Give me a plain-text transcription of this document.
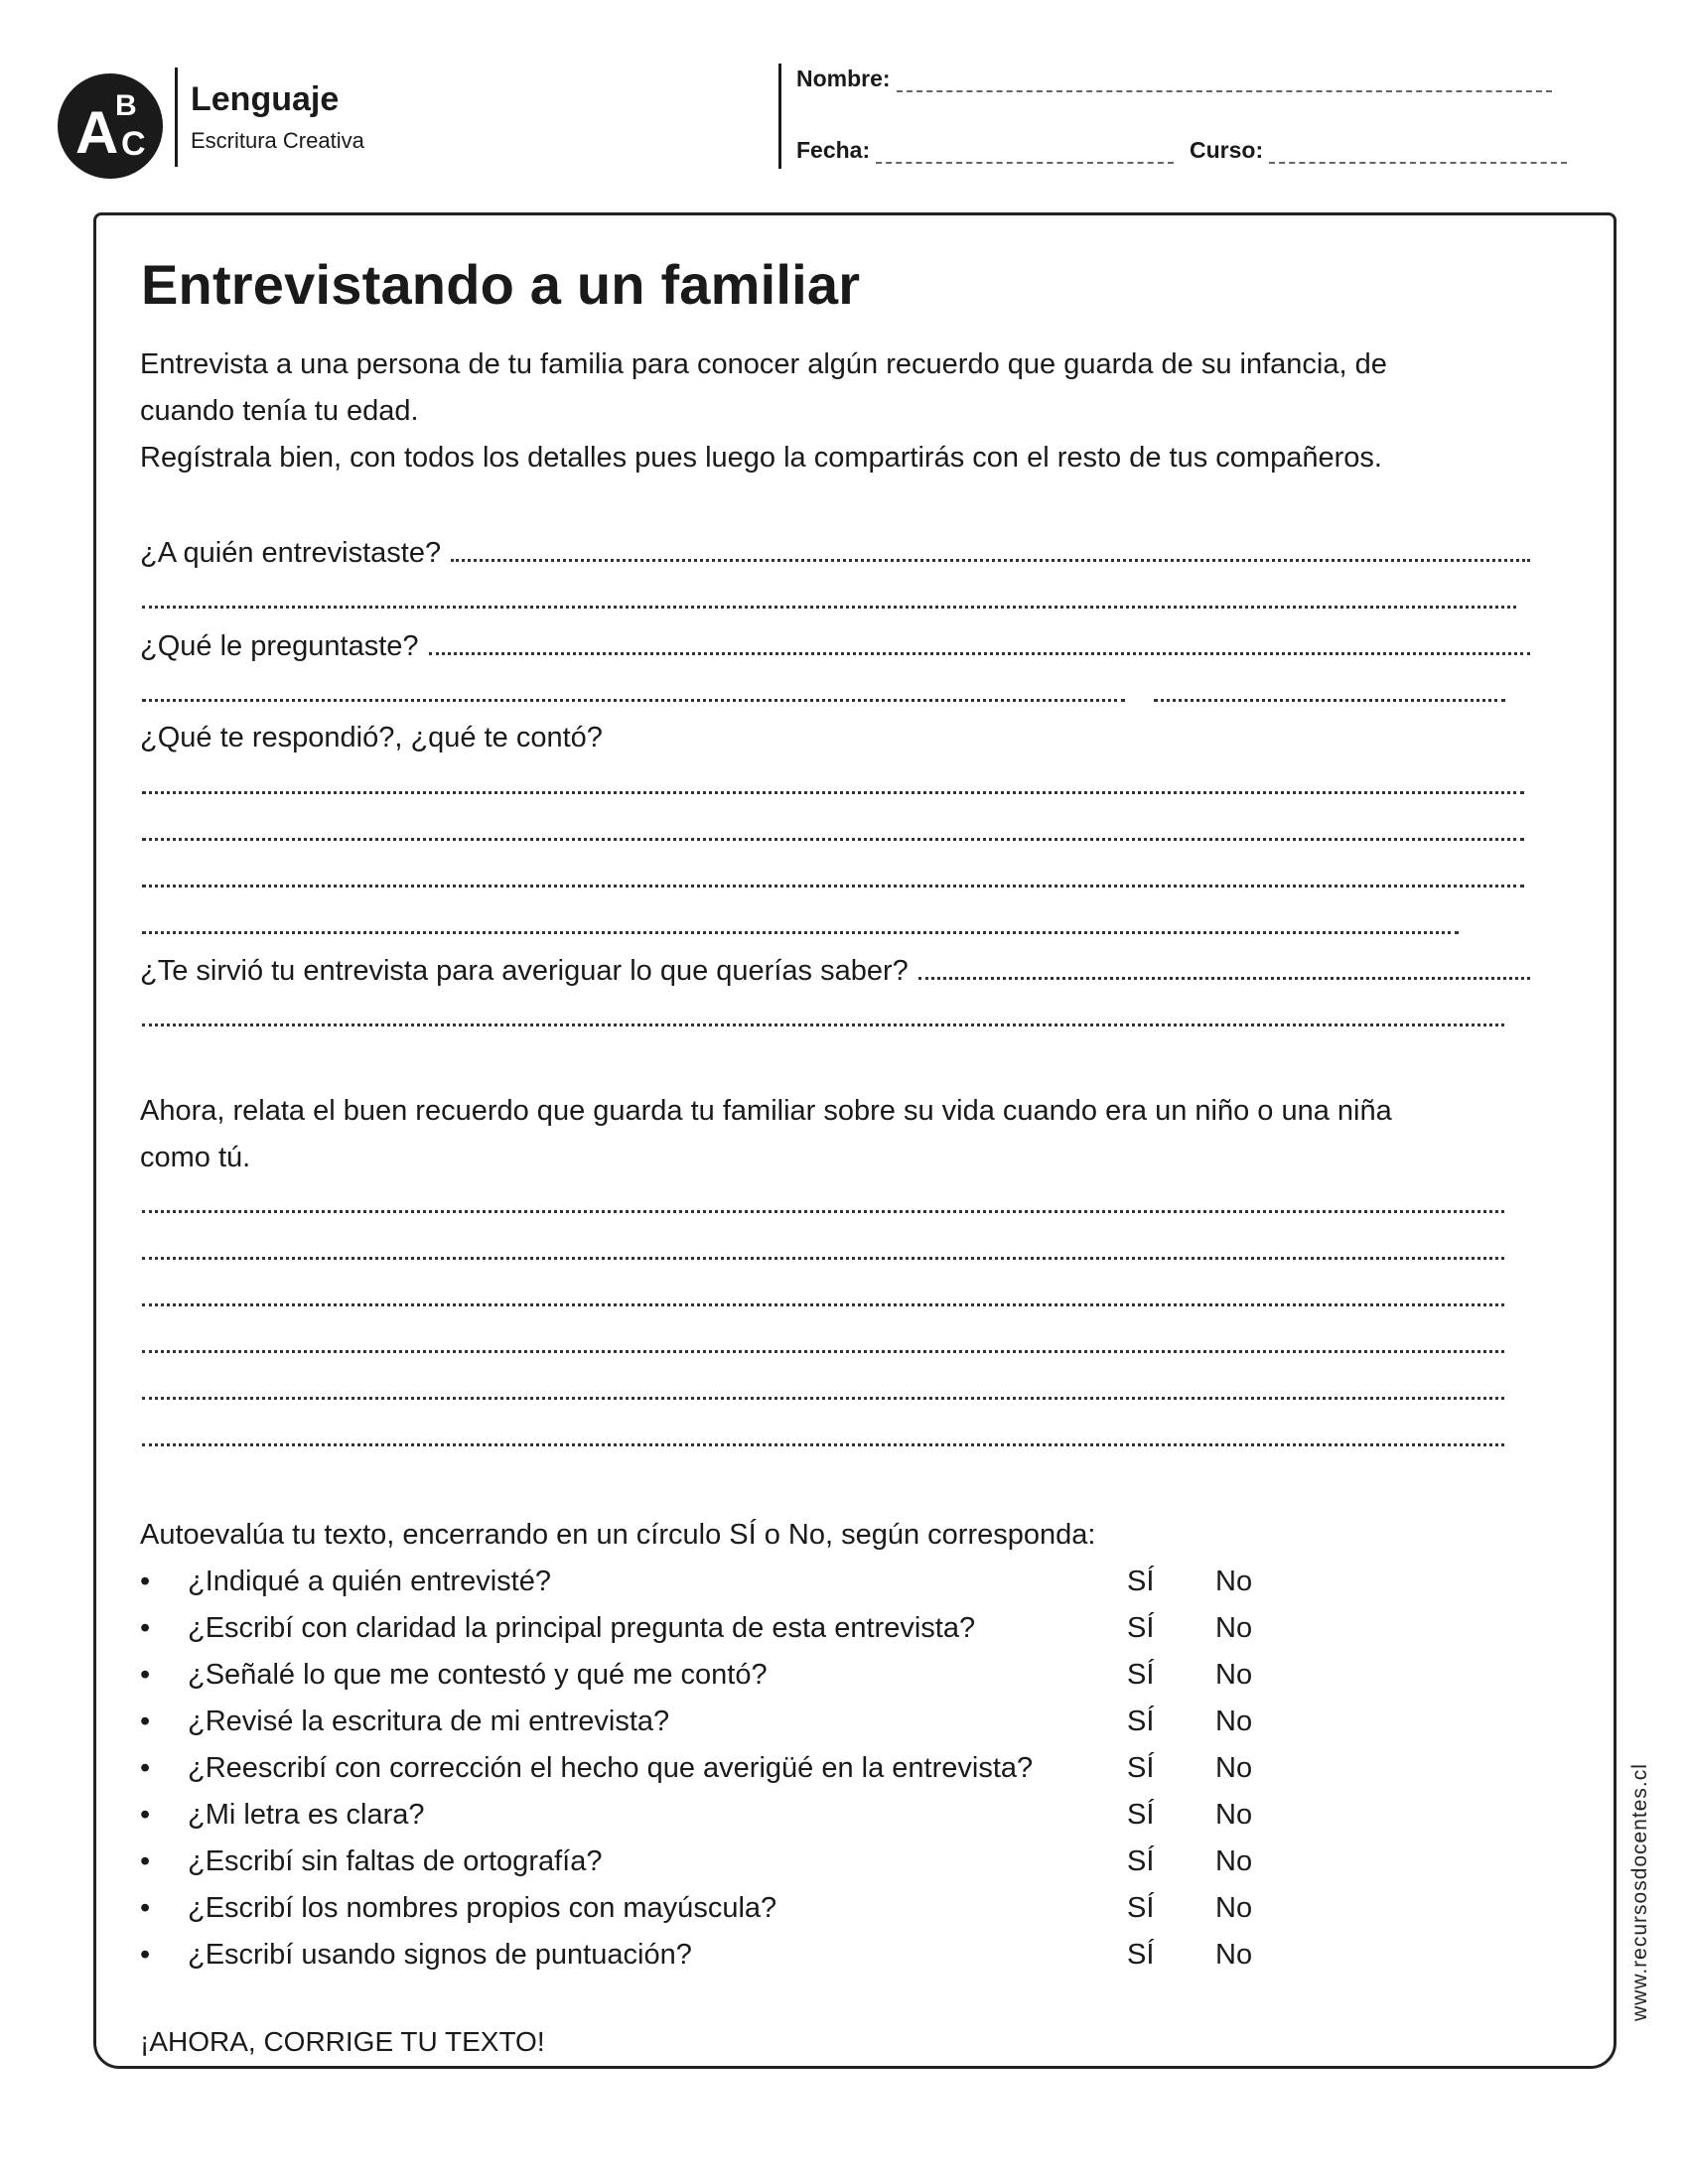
A
B
C
Lenguaje
Escritura Creativa
Nombre:
Fecha:	Curso:
Entrevistando a un familiar
Entrevista a una persona de tu familia para conocer algún recuerdo que guarda de su infancia, de
cuando tenía tu edad.
Regístrala bien, con todos los detalles pues luego la compartirás con el resto de tus compañeros.
¿A quién entrevistaste?
¿Qué le preguntaste?
¿Qué te respondió?, ¿qué te contó?
¿Te sirvió tu entrevista para averiguar lo que querías saber?
Ahora, relata el buen recuerdo que guarda tu familiar sobre su vida cuando era un niño o una niña
como tú.
Autoevalúa tu texto, encerrando en un círculo SÍ o No, según corresponda:
• ¿Indiqué a quién entrevisté?	SÍ No
• ¿Escribí con claridad la principal pregunta de esta entrevista?	SÍ No
• ¿Señalé lo que me contestó y qué me contó?	SÍ No
• ¿Revisé la escritura de mi entrevista?	SÍ No
• ¿Reescribí con corrección el hecho que averigüé en la entrevista?	SÍ No
• ¿Mi letra es clara?	SÍ No
• ¿Escribí sin faltas de ortografía?	SÍ No
• ¿Escribí los nombres propios con mayúscula?	SÍ No
• ¿Escribí usando signos de puntuación?	SÍ No
¡AHORA, CORRIGE TU TEXTO!
www.recursosdocentes.cl
